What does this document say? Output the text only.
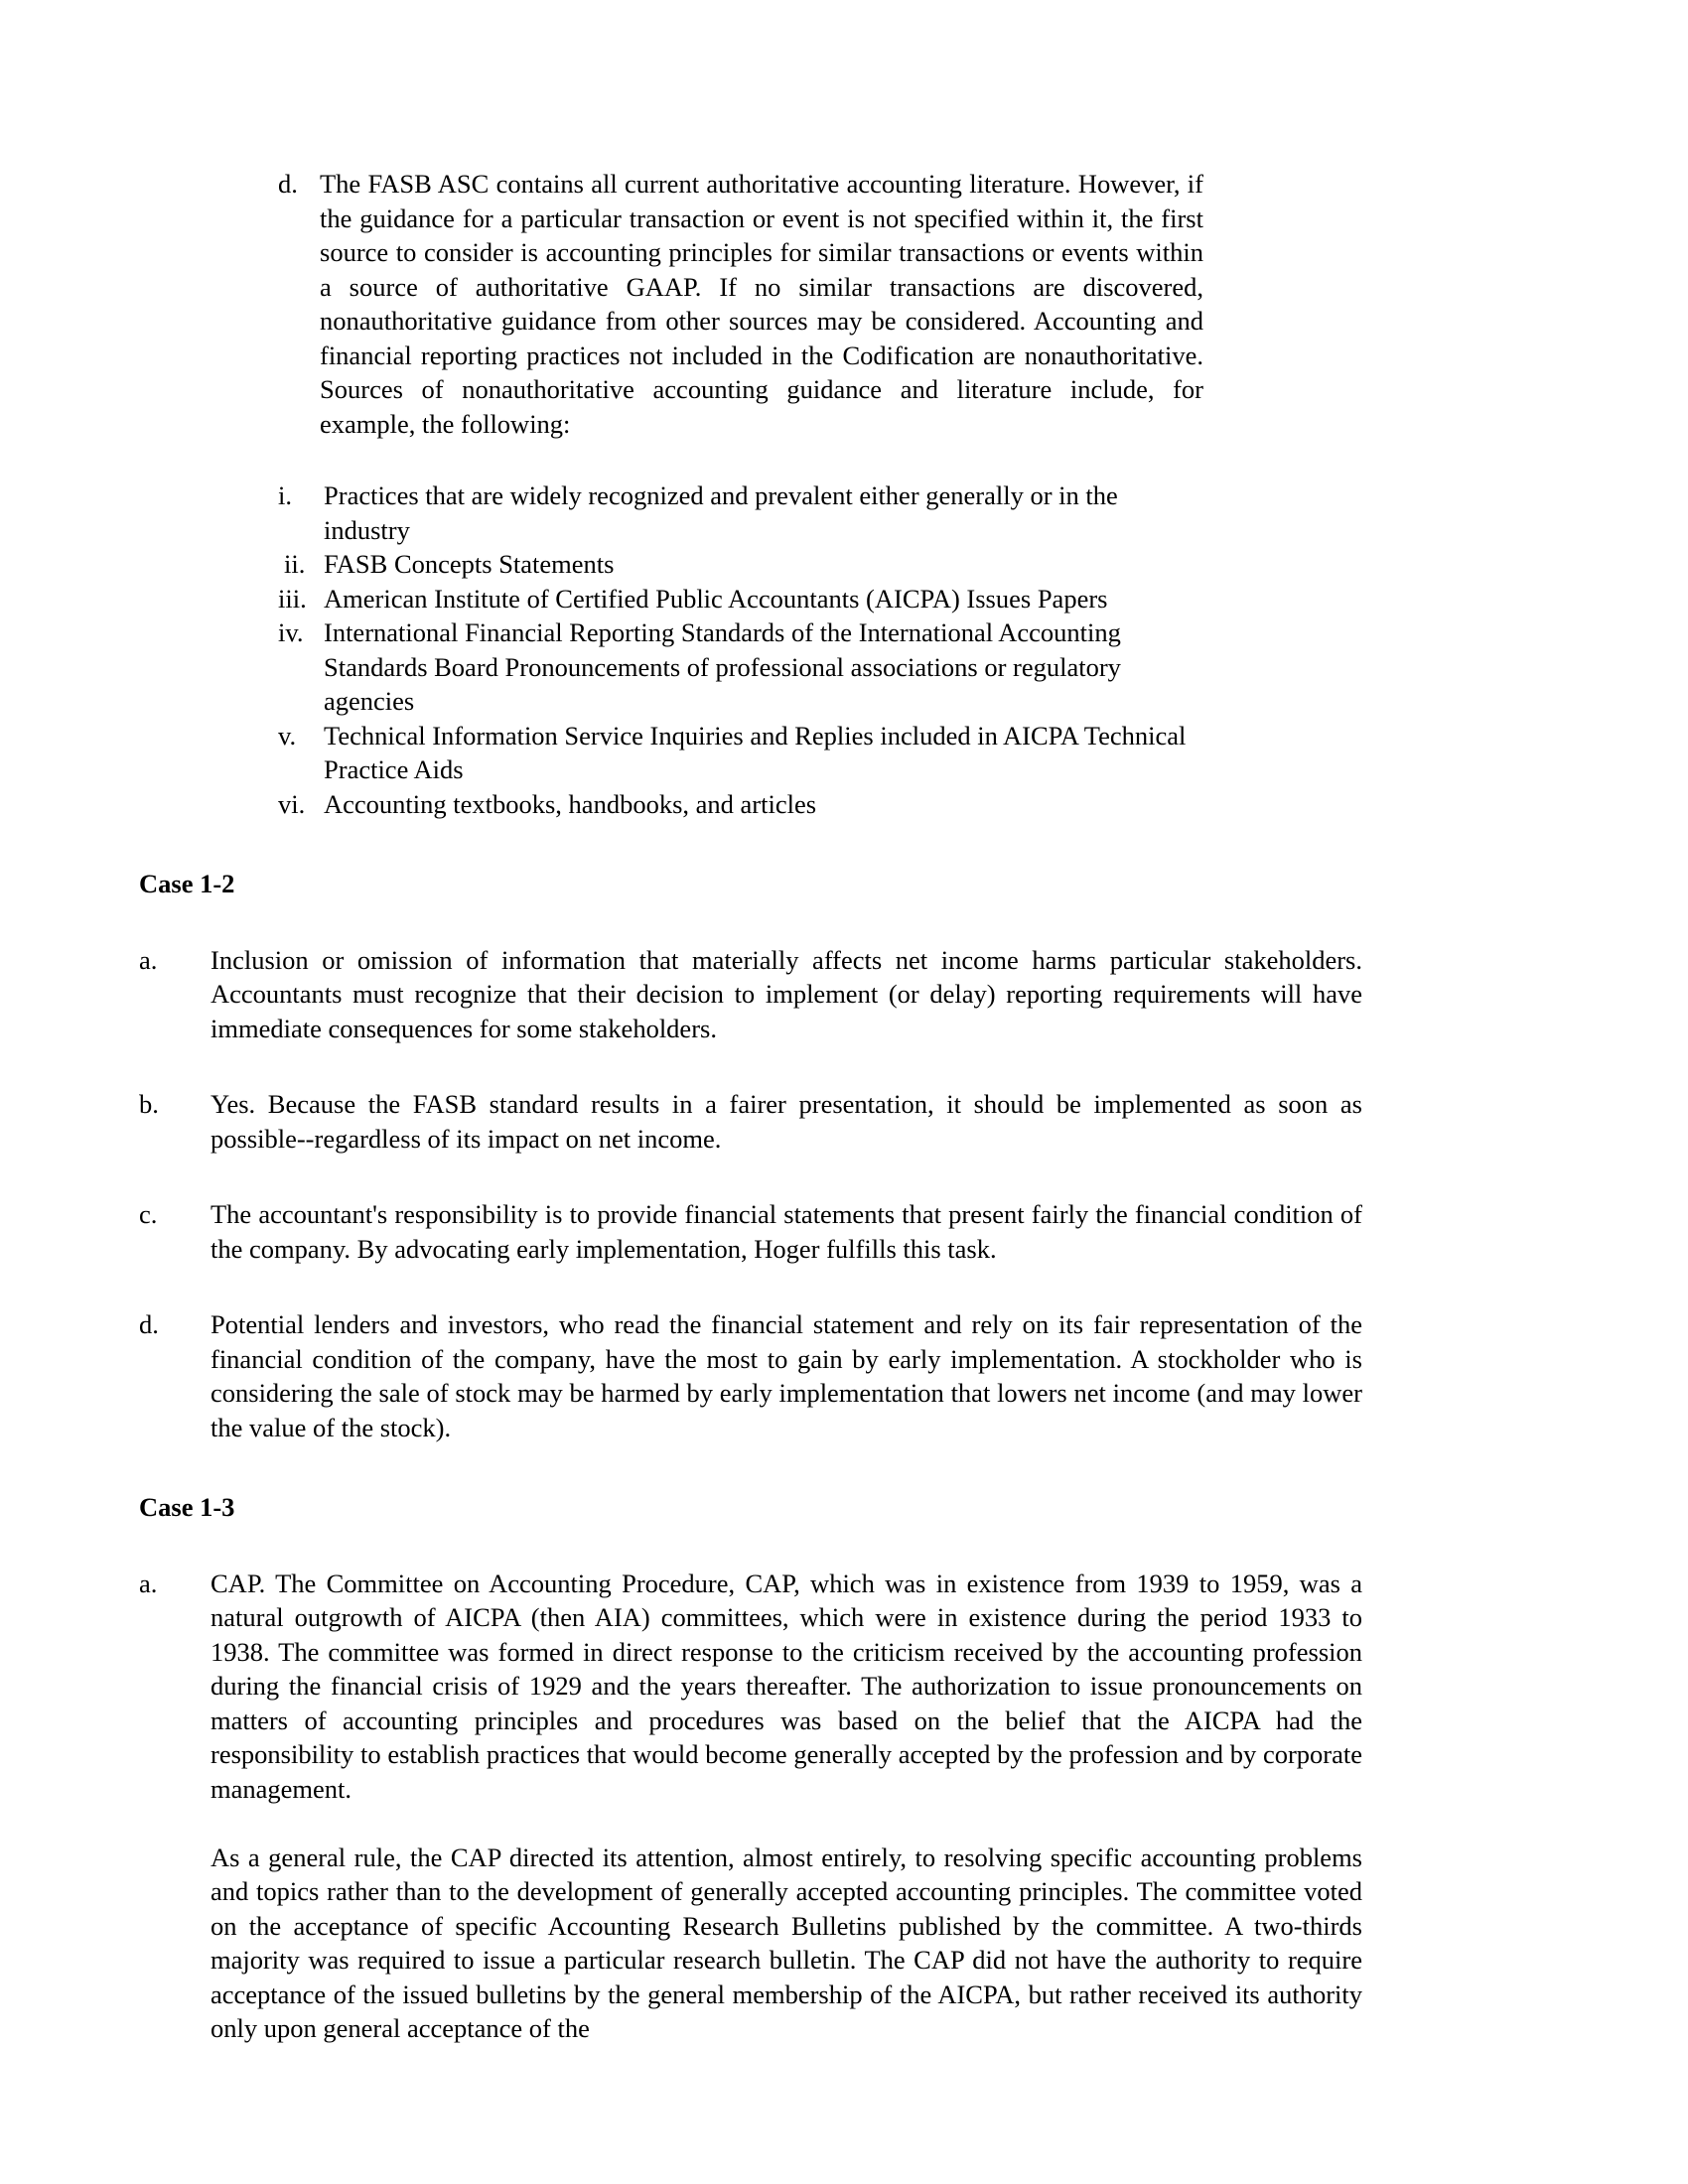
d. The FASB ASC contains all current authoritative accounting literature. However, if the guidance for a particular transaction or event is not specified within it, the first source to consider is accounting principles for similar transactions or events within a source of authoritative GAAP. If no similar transactions are discovered, nonauthoritative guidance from other sources may be considered. Accounting and financial reporting practices not included in the Codification are nonauthoritative. Sources of nonauthoritative accounting guidance and literature include, for example, the following:
i.	Practices that are widely recognized and prevalent either generally or in the industry
ii. FASB Concepts Statements
iii. American Institute of Certified Public Accountants (AICPA) Issues Papers
iv. International Financial Reporting Standards of the International Accounting Standards Board Pronouncements of professional associations or regulatory agencies
v.	Technical Information Service Inquiries and Replies included in AICPA Technical Practice Aids
vi. Accounting textbooks, handbooks, and articles
Case 1-2
a.	Inclusion or omission of information that materially affects net income harms particular stakeholders. Accountants must recognize that their decision to implement (or delay) reporting requirements will have immediate consequences for some stakeholders.
b.	Yes. Because the FASB standard results in a fairer presentation, it should be implemented as soon as possible--regardless of its impact on net income.
c.	The accountant's responsibility is to provide financial statements that present fairly the financial condition of the company. By advocating early implementation, Hoger fulfills this task.
d.	Potential lenders and investors, who read the financial statement and rely on its fair representation of the financial condition of the company, have the most to gain by early implementation. A stockholder who is considering the sale of stock may be harmed by early implementation that lowers net income (and may lower the value of the stock).
Case 1-3
a.	CAP. The Committee on Accounting Procedure, CAP, which was in existence from 1939 to 1959, was a natural outgrowth of AICPA (then AIA) committees, which were in existence during the period 1933 to 1938. The committee was formed in direct response to the criticism received by the accounting profession during the financial crisis of 1929 and the years thereafter. The authorization to issue pronouncements on matters of accounting principles and procedures was based on the belief that the AICPA had the responsibility to establish practices that would become generally accepted by the profession and by corporate management.
As a general rule, the CAP directed its attention, almost entirely, to resolving specific accounting problems and topics rather than to the development of generally accepted accounting principles. The committee voted on the acceptance of specific Accounting Research Bulletins published by the committee. A two-thirds majority was required to issue a particular research bulletin. The CAP did not have the authority to require acceptance of the issued bulletins by the general membership of the AICPA, but rather received its authority only upon general acceptance of the
